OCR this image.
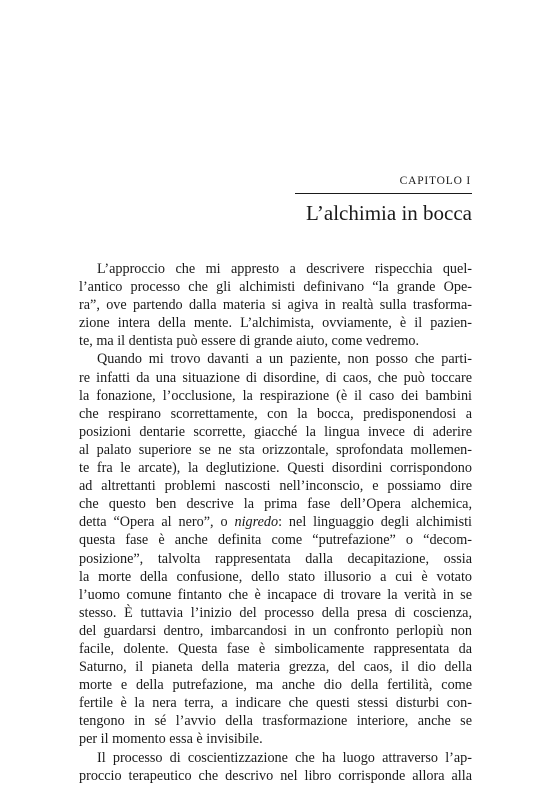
CAPITOLO I
L’alchimia in bocca
L’approccio che mi appresto a descrivere rispecchia quel-
l’antico processo che gli alchimisti definivano “la grande Ope-
ra”, ove partendo dalla materia si agiva in realtà sulla trasforma-
zione intera della mente. L’alchimista, ovviamente, è il pazien-
te, ma il dentista può essere di grande aiuto, come vedremo.
Quando mi trovo davanti a un paziente, non posso che parti-
re infatti da una situazione di disordine, di caos, che può toccare
la fonazione, l’occlusione, la respirazione (è il caso dei bambini
che respirano scorrettamente, con la bocca, predisponendosi a
posizioni dentarie scorrette, giacché la lingua invece di aderire
al palato superiore se ne sta orizzontale, sprofondata mollemen-
te fra le arcate), la deglutizione. Questi disordini corrispondono
ad altrettanti problemi nascosti nell’inconscio, e possiamo dire
che questo ben descrive la prima fase dell’Opera alchemica,
detta “Opera al nero”, o nigredo: nel linguaggio degli alchimisti
questa fase è anche definita come “putrefazione” o “decom-
posizione”, talvolta rappresentata dalla decapitazione, ossia
la morte della confusione, dello stato illusorio a cui è votato
l’uomo comune fintanto che è incapace di trovare la verità in se
stesso. È tuttavia l’inizio del processo della presa di coscienza,
del guardarsi dentro, imbarcandosi in un confronto perlopiù non
facile, dolente. Questa fase è simbolicamente rappresentata da
Saturno, il pianeta della materia grezza, del caos, il dio della
morte e della putrefazione, ma anche dio della fertilità, come
fertile è la nera terra, a indicare che questi stessi disturbi con-
tengono in sé l’avvio della trasformazione interiore, anche se
per il momento essa è invisibile.
Il processo di coscientizzazione che ha luogo attraverso l’ap-
proccio terapeutico che descrivo nel libro corrisponde allora alla
